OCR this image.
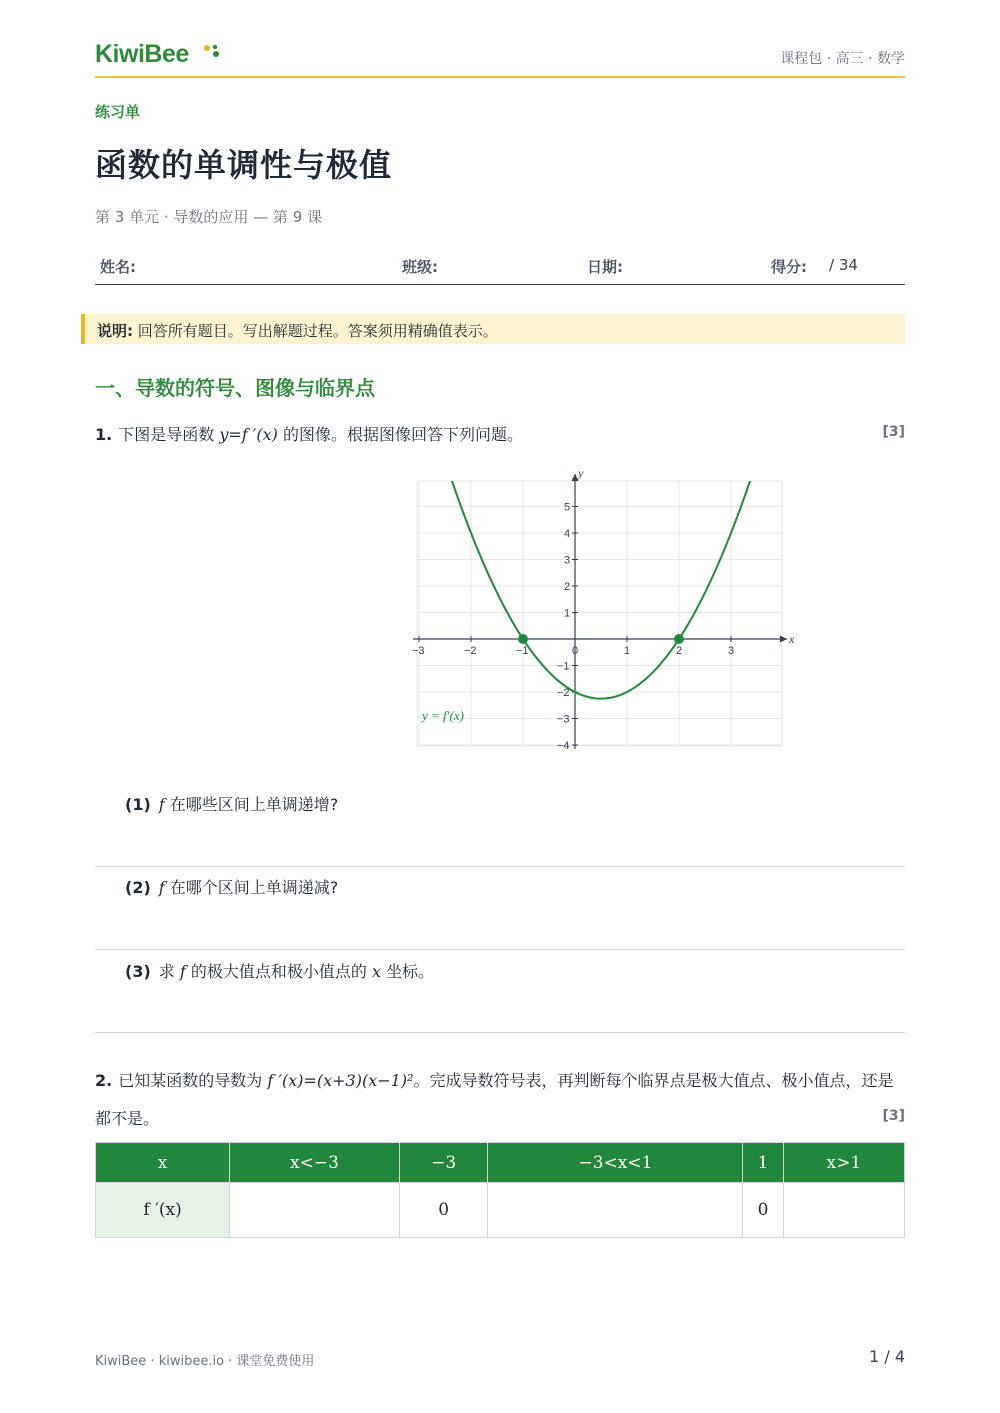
KiwiBee	课程包 · 高三 · 数学
练习单
函数的单调性与极值
第 3 单元 · 导数的应用 — 第 9 课
姓名:	班级:	日期:	得分: / 34
说明: 回答所有题目。写出解题过程。答案须用精确值表示。
一、导数的符号、图像与临界点
1. 下图是导函数 y=f ′(x) 的图像。根据图像回答下列问题。	[3]
x
y
−3	−2	−1	0	1	2	3
5
4
3
2
1
−1
−2
−3
−4
y = f′(x)
(1) f 在哪些区间上单调递增?
(2) f 在哪个区间上单调递减?
(3) 求 f 的极大值点和极小值点的 x 坐标。
2. 已知某函数的导数为 f ′(x)=(x+3)(x−1)²。完成导数符号表，再判断每个临界点是极大值点、极小值点，还是都不是。	[3]
x	x<−3	−3	−3<x<1	1	x>1
f ′(x)		0		0	
KiwiBee · kiwibee.io · 课堂免费使用	1 / 4
